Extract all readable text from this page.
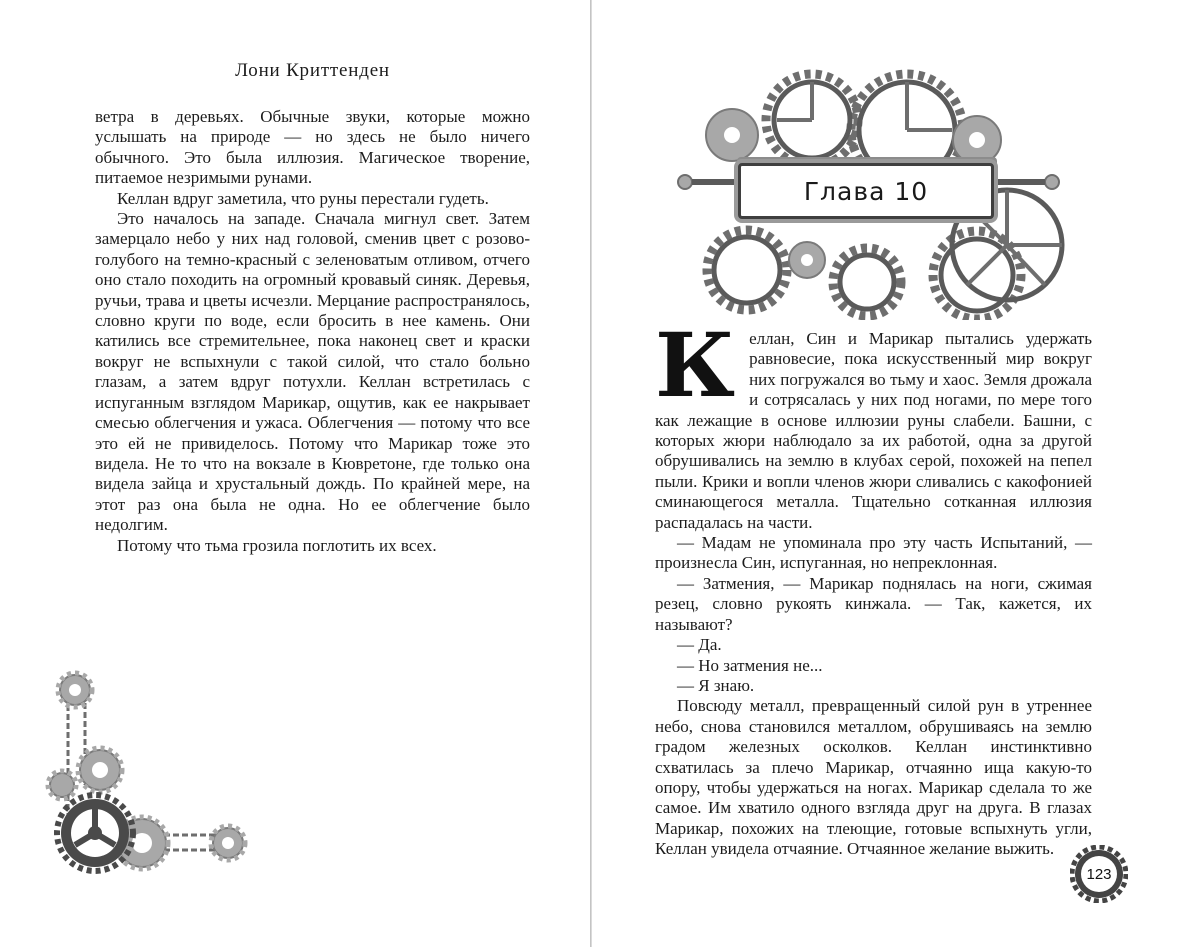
Лони Криттенден

ветра в деревьях. Обычные звуки, которые можно услышать на природе — но здесь не было ничего обычного. Это была иллюзия. Магическое творение, питаемое незримыми рунами.

Келлан вдруг заметила, что руны перестали гудеть.

Это началось на западе. Сначала мигнул свет. Затем замерцало небо у них над головой, сменив цвет с розово-голубого на темно-красный с зеленоватым отливом, отчего оно стало походить на огромный кровавый синяк. Деревья, ручьи, трава и цветы исчезли. Мерцание распространялось, словно круги по воде, если бросить в нее камень. Они катились все стремительнее, пока наконец свет и краски вокруг не вспыхнули с такой силой, что стало больно глазам, а затем вдруг потухли. Келлан встретилась с испуганным взглядом Марикар, ощутив, как ее накрывает смесью облегчения и ужаса. Облегчения — потому что все это ей не привиделось. Потому что Марикар тоже это видела. Не то что на вокзале в Кювретоне, где только она видела зайца и хрустальный дождь. По крайней мере, на этот раз она была не одна. Но ее облегчение было недолгим.

Потому что тьма грозила поглотить их всех.

Глава 10

Келлан, Син и Марикар пытались удержать равновесие, пока искусственный мир вокруг них погружался во тьму и хаос. Земля дрожала и сотрясалась у них под ногами, по мере того как лежащие в основе иллюзии руны слабели. Башни, с которых жюри наблюдало за их работой, одна за другой обрушивались на землю в клубах серой, похожей на пепел пыли. Крики и вопли членов жюри сливались с какофонией сминающегося металла. Тщательно сотканная иллюзия распадалась на части.

— Мадам не упоминала про эту часть Испытаний, — произнесла Син, испуганная, но непреклонная.

— Затмения, — Марикар поднялась на ноги, сжимая резец, словно рукоять кинжала. — Так, кажется, их называют?

— Да.

— Но затмения не...

— Я знаю.

Повсюду металл, превращенный силой рун в утреннее небо, снова становился металлом, обрушиваясь на землю градом железных осколков. Келлан инстинктивно схватилась за плечо Марикар, отчаянно ища какую-то опору, чтобы удержаться на ногах. Марикар сделала то же самое. Им хватило одного взгляда друг на друга. В глазах Марикар, похожих на тлеющие, готовые вспыхнуть угли, Келлан увидела отчаяние. Отчаянное желание выжить.

123
